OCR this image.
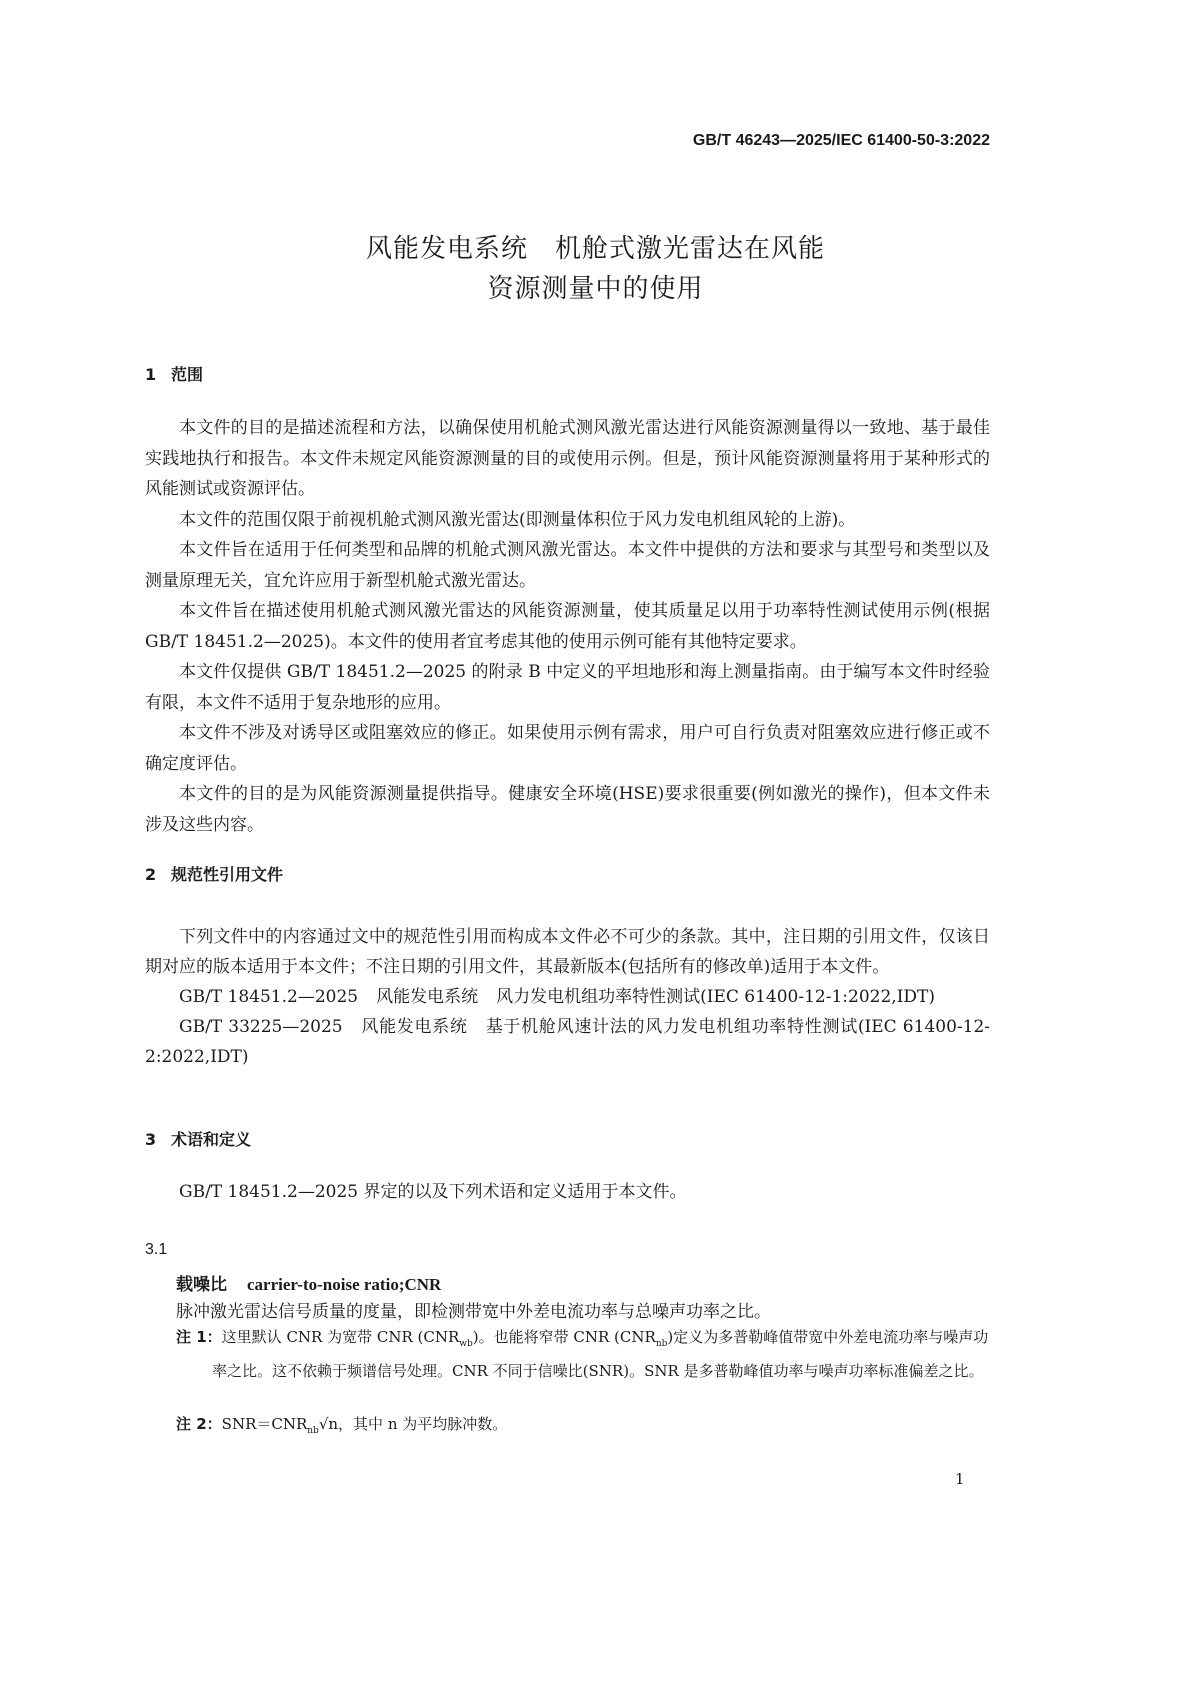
GB/T 46243—2025/IEC 61400-50-3:2022
风能发电系统　机舱式激光雷达在风能
资源测量中的使用
1 范围

本文件的目的是描述流程和方法，以确保使用机舱式测风激光雷达进行风能资源测量得以一致地、基于最佳实践地执行和报告。本文件未规定风能资源测量的目的或使用示例。但是，预计风能资源测量将用于某种形式的风能测试或资源评估。

本文件的范围仅限于前视机舱式测风激光雷达(即测量体积位于风力发电机组风轮的上游)。

本文件旨在适用于任何类型和品牌的机舱式测风激光雷达。本文件中提供的方法和要求与其型号和类型以及测量原理无关，宜允许应用于新型机舱式激光雷达。

本文件旨在描述使用机舱式测风激光雷达的风能资源测量，使其质量足以用于功率特性测试使用示例(根据 GB/T 18451.2—2025)。本文件的使用者宜考虑其他的使用示例可能有其他特定要求。

本文件仅提供 GB/T 18451.2—2025 的附录 B 中定义的平坦地形和海上测量指南。由于编写本文件时经验有限，本文件不适用于复杂地形的应用。

本文件不涉及对诱导区或阻塞效应的修正。如果使用示例有需求，用户可自行负责对阻塞效应进行修正或不确定度评估。

本文件的目的是为风能资源测量提供指导。健康安全环境(HSE)要求很重要(例如激光的操作)，但本文件未涉及这些内容。

2 规范性引用文件

下列文件中的内容通过文中的规范性引用而构成本文件必不可少的条款。其中，注日期的引用文件，仅该日期对应的版本适用于本文件；不注日期的引用文件，其最新版本(包括所有的修改单)适用于本文件。

GB/T 18451.2—2025 风能发电系统 风力发电机组功率特性测试(IEC 61400-12-1:2022,IDT)

GB/T 33225—2025 风能发电系统 基于机舱风速计法的风力发电机组功率特性测试(IEC 61400-12-2:2022,IDT)

3 术语和定义
GB/T 18451.2—2025 界定的以及下列术语和定义适用于本文件。
3.1
载噪比 carrier-to-noise ratio;CNR
脉冲激光雷达信号质量的度量，即检测带宽中外差电流功率与总噪声功率之比。
注 1：这里默认 CNR 为宽带 CNR $(CNR_{wb})$。也能将窄带 CNR $(CNR_{nb})$定义为多普勒峰值带宽中外差电流功率与噪声功率之比。这不依赖于频谱信号处理。CNR 不同于信噪比(SNR)。SNR 是多普勒峰值功率与噪声功率标准偏差之比。
注 2：$SNR=CNR_{nb}√n$，其中 n 为平均脉冲数。
1
